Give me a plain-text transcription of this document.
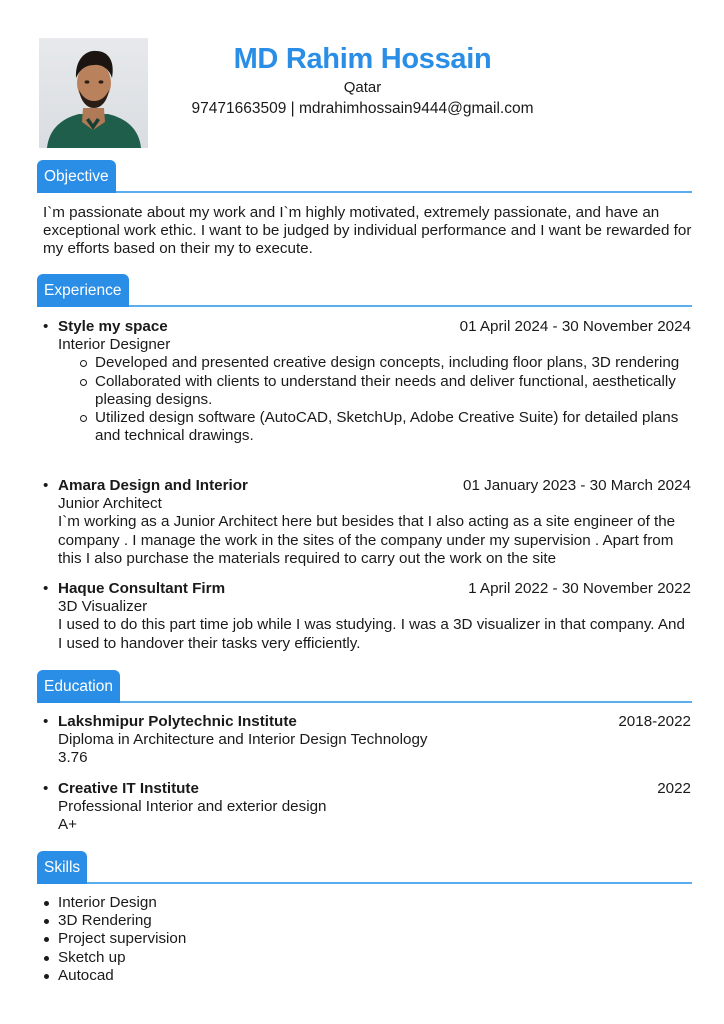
MD Rahim Hossain
Qatar
97471663509 | mdrahimhossain9444@gmail.com
Objective

I`m passionate about my work and I`m highly motivated, extremely passionate, and have an exceptional work ethic. I want to be judged by individual performance and I want be rewarded for my efforts based on their my to execute.

Experience
• Style my space	01 April 2024 - 30 November 2024
Interior Designer
Developed and presented creative design concepts, including floor plans, 3D rendering
Collaborated with clients to understand their needs and deliver functional, aesthetically pleasing designs.
Utilized design software (AutoCAD, SketchUp, Adobe Creative Suite) for detailed plans and technical drawings.
• Amara Design and Interior	01 January 2023 - 30 March 2024
Junior Architect
I`m working as a Junior Architect here but besides that I also acting as a site engineer of the company . I manage the work in the sites of the company under my supervision . Apart from this I also purchase the materials required to carry out the work on the site
• Haque Consultant Firm	1 April 2022 - 30 November 2022
3D Visualizer
I used to do this part time job while I was studying. I was a 3D visualizer in that company. And I used to handover their tasks very efficiently.
Education
• Lakshmipur Polytechnic Institute	2018-2022
Diploma in Architecture and Interior Design Technology
3.76
• Creative IT Institute	2022
Professional Interior and exterior design
A+
Skills
Interior Design
3D Rendering
Project supervision
Sketch up
Autocad
